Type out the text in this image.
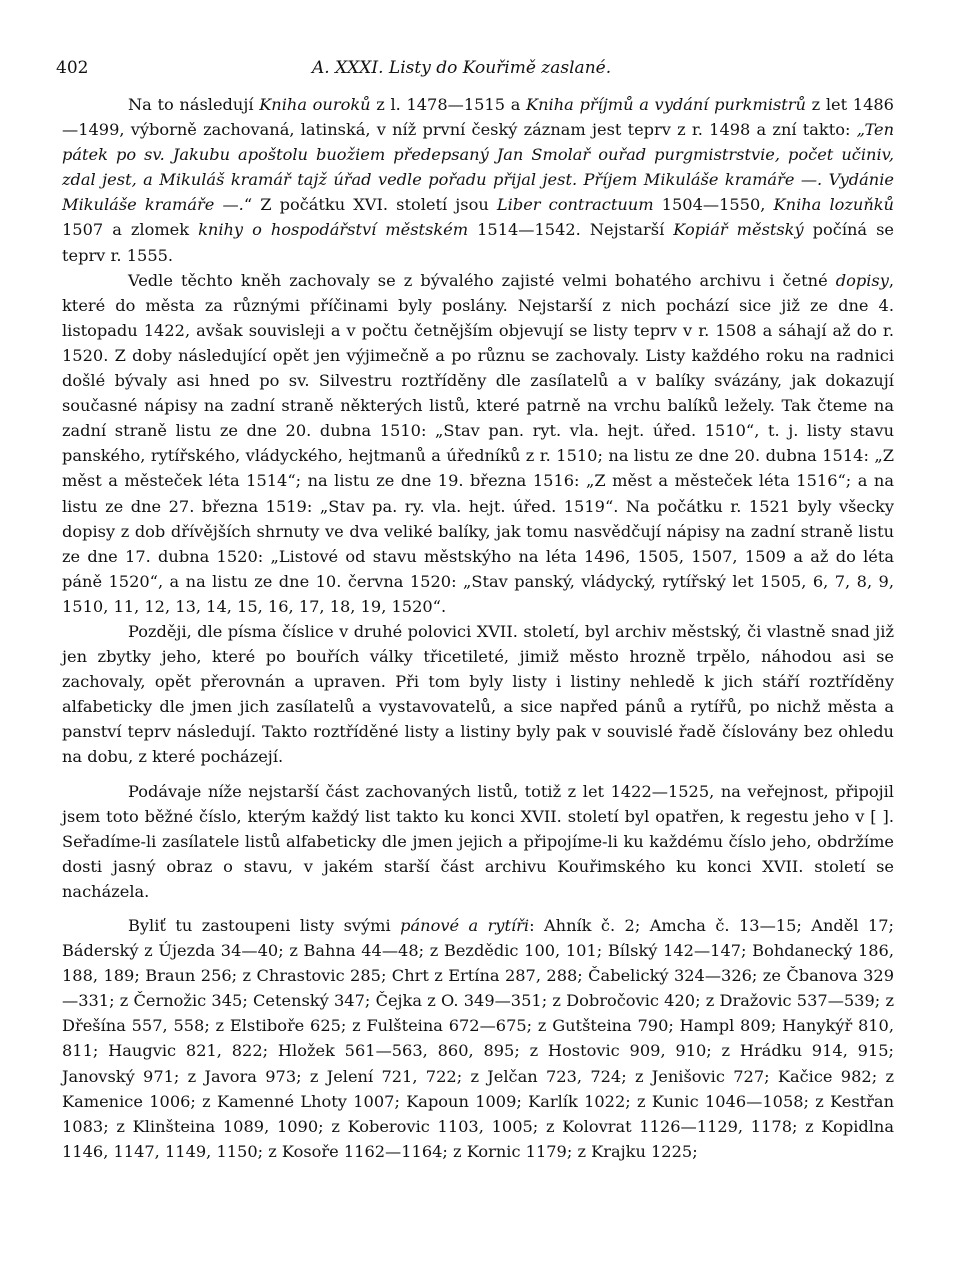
402	A. XXXI. Listy do Kouřimě zaslané.

Na to následují Kniha ouroků z l. 1478—1515 a Kniha příjmů a vydání purkmistrů z let 1486—1499, výborně zachovaná, latinská, v níž první český záznam jest teprv z r. 1498 a zní takto: „Ten pátek po sv. Jakubu apoštolu buožiem předepsaný Jan Smolař ouřad purgmistrstvie, počet učiniv, zdal jest, a Mikuláš kramář tajž úřad vedle pořadu přijal jest. Příjem Mikuláše kramáře —. Vydánie Mikuláše kramáře —.“ Z počátku XVI. století jsou Liber contractuum 1504—1550, Kniha lozuňků 1507 a zlomek knihy o hospodářství městském 1514—1542. Nejstarší Kopiář městský počíná se teprv r. 1555.

Vedle těchto kněh zachovaly se z bývalého zajisté velmi bohatého archivu i četné dopisy, které do města za různými příčinami byly poslány. Nejstarší z nich pochází sice již ze dne 4. listopadu 1422, avšak souvisleji a v počtu četnějším objevují se listy teprv v r. 1508 a sáhají až do r. 1520. Z doby následující opět jen výjimečně a po různu se zachovaly. Listy každého roku na radnici došlé bývaly asi hned po sv. Silvestru roztříděny dle zasílatelů a v balíky svázány, jak dokazují současné nápisy na zadní straně některých listů, které patrně na vrchu balíků ležely. Tak čteme na zadní straně listu ze dne 20. dubna 1510: „Stav pan. ryt. vla. hejt. úřed. 1510“, t. j. listy stavu panského, rytířského, vládyckého, hejtmanů a úředníků z r. 1510; na listu ze dne 20. dubna 1514: „Z měst a městeček léta 1514“; na listu ze dne 19. března 1516: „Z měst a městeček léta 1516“; a na listu ze dne 27. března 1519: „Stav pa. ry. vla. hejt. úřed. 1519“. Na počátku r. 1521 byly všecky dopisy z dob dřívějších shrnuty ve dva veliké balíky, jak tomu nasvědčují nápisy na zadní straně listu ze dne 17. dubna 1520: „Listové od stavu městskýho na léta 1496, 1505, 1507, 1509 a až do léta páně 1520“, a na listu ze dne 10. června 1520: „Stav panský, vládycký, rytířský let 1505, 6, 7, 8, 9, 1510, 11, 12, 13, 14, 15, 16, 17, 18, 19, 1520“.

Později, dle písma číslice v druhé polovici XVII. století, byl archiv městský, či vlastně snad již jen zbytky jeho, které po bouřích války třicetileté, jimiž město hrozně trpělo, náhodou asi se zachovaly, opět přerovnán a upraven. Při tom byly listy i listiny nehledě k jich stáří roztříděny alfabeticky dle jmen jich zasílatelů a vystavovatelů, a sice napřed pánů a rytířů, po nichž města a panství teprv následují. Takto roztříděné listy a listiny byly pak v souvislé řadě číslovány bez ohledu na dobu, z které pocházejí.

Podávaje níže nejstarší část zachovaných listů, totiž z let 1422—1525, na veřejnost, připojil jsem toto běžné číslo, kterým každý list takto ku konci XVII. století byl opatřen, k regestu jeho v [ ]. Seřadíme-li zasílatele listů alfabeticky dle jmen jejich a připojíme-li ku každému číslo jeho, obdržíme dosti jasný obraz o stavu, v jakém starší část archivu Kouřimského ku konci XVII. století se nacházela.

Byliť tu zastoupeni listy svými pánové a rytíři: Ahník č. 2; Amcha č. 13—15; Anděl 17; Báderský z Újezda 34—40; z Bahna 44—48; z Bezdědic 100, 101; Bílský 142—147; Bohdanecký 186, 188, 189; Braun 256; z Chrastovic 285; Chrt z Ertína 287, 288; Čabelický 324—326; ze Čbanova 329—331; z Černožic 345; Cetenský 347; Čejka z O. 349—351; z Dobročovic 420; z Dražovic 537—539; z Dřešína 557, 558; z Elstiboře 625; z Fulšteina 672—675; z Gutšteina 790; Hampl 809; Hanykýř 810, 811; Haugvic 821, 822; Hložek 561—563, 860, 895; z Hostovic 909, 910; z Hrádku 914, 915; Janovský 971; z Javora 973; z Jelení 721, 722; z Jelčan 723, 724; z Jenišovic 727; Kačice 982; z Kamenice 1006; z Kamenné Lhoty 1007; Kapoun 1009; Karlík 1022; z Kunic 1046—1058; z Kestřan 1083; z Klinšteina 1089, 1090; z Koberovic 1103, 1005; z Kolovrat 1126—1129, 1178; z Kopidlna 1146, 1147, 1149, 1150; z Kosoře 1162—1164; z Kornic 1179; z Krajku 1225;
